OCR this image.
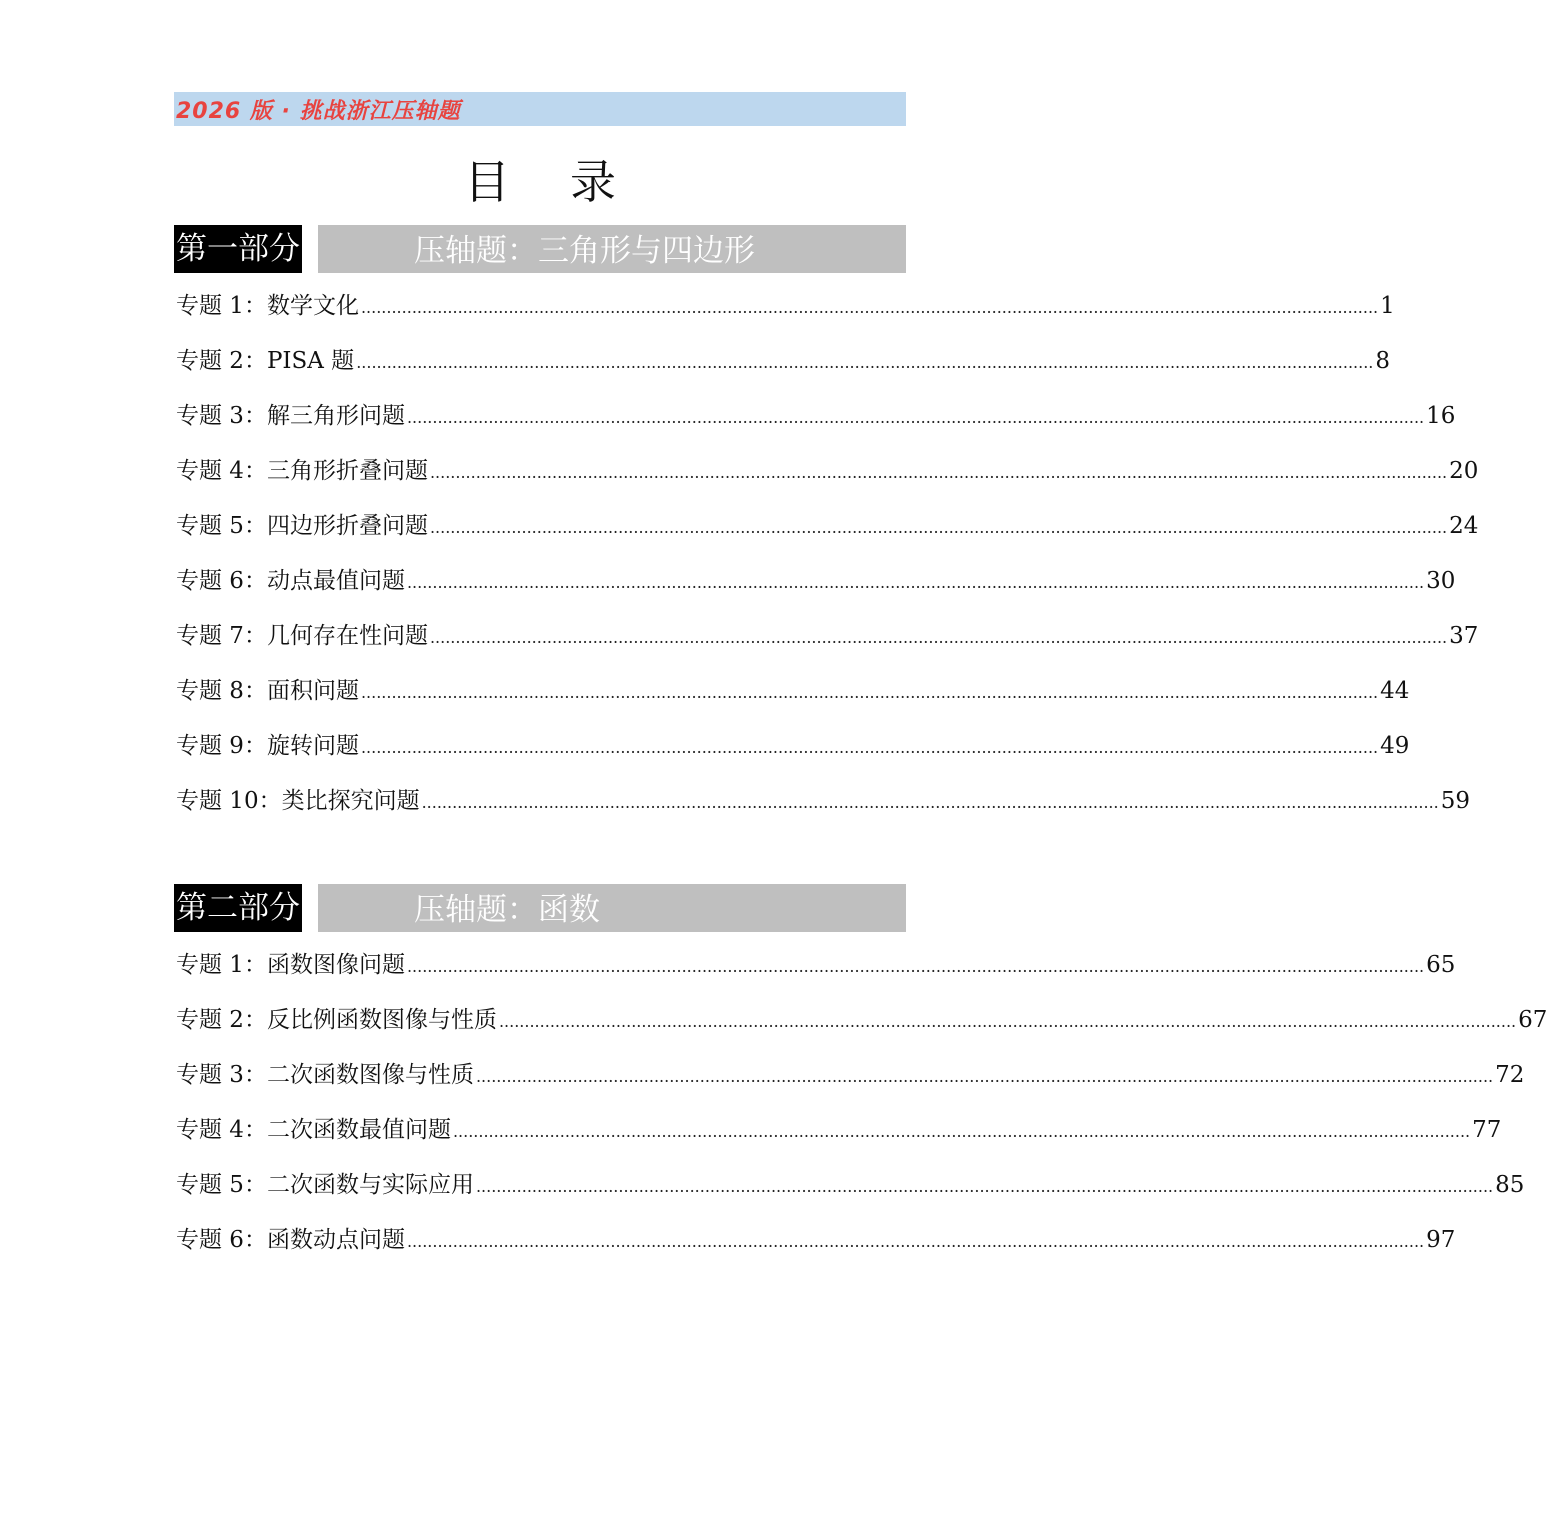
2026 版 · 挑战浙江压轴题
目录
第一部分	压轴题：三角形与四边形
专题 1：数学文化 ........................................................................................................................................................................................................ 1
专题 2：PISA 题 ........................................................................................................................................................................................................ 8
专题 3：解三角形问题 ........................................................................................................................................................................................................ 16
专题 4：三角形折叠问题 ........................................................................................................................................................................................................ 20
专题 5：四边形折叠问题 ........................................................................................................................................................................................................ 24
专题 6：动点最值问题 ........................................................................................................................................................................................................ 30
专题 7：几何存在性问题 ........................................................................................................................................................................................................ 37
专题 8：面积问题 ........................................................................................................................................................................................................ 44
专题 9：旋转问题 ........................................................................................................................................................................................................ 49
专题 10：类比探究问题 ........................................................................................................................................................................................................ 59
第二部分	压轴题：函数
专题 1：函数图像问题 ........................................................................................................................................................................................................ 65
专题 2：反比例函数图像与性质 ........................................................................................................................................................................................................ 67
专题 3：二次函数图像与性质 ........................................................................................................................................................................................................ 72
专题 4：二次函数最值问题 ........................................................................................................................................................................................................ 77
专题 5：二次函数与实际应用 ........................................................................................................................................................................................................ 85
专题 6：函数动点问题 ........................................................................................................................................................................................................ 97
